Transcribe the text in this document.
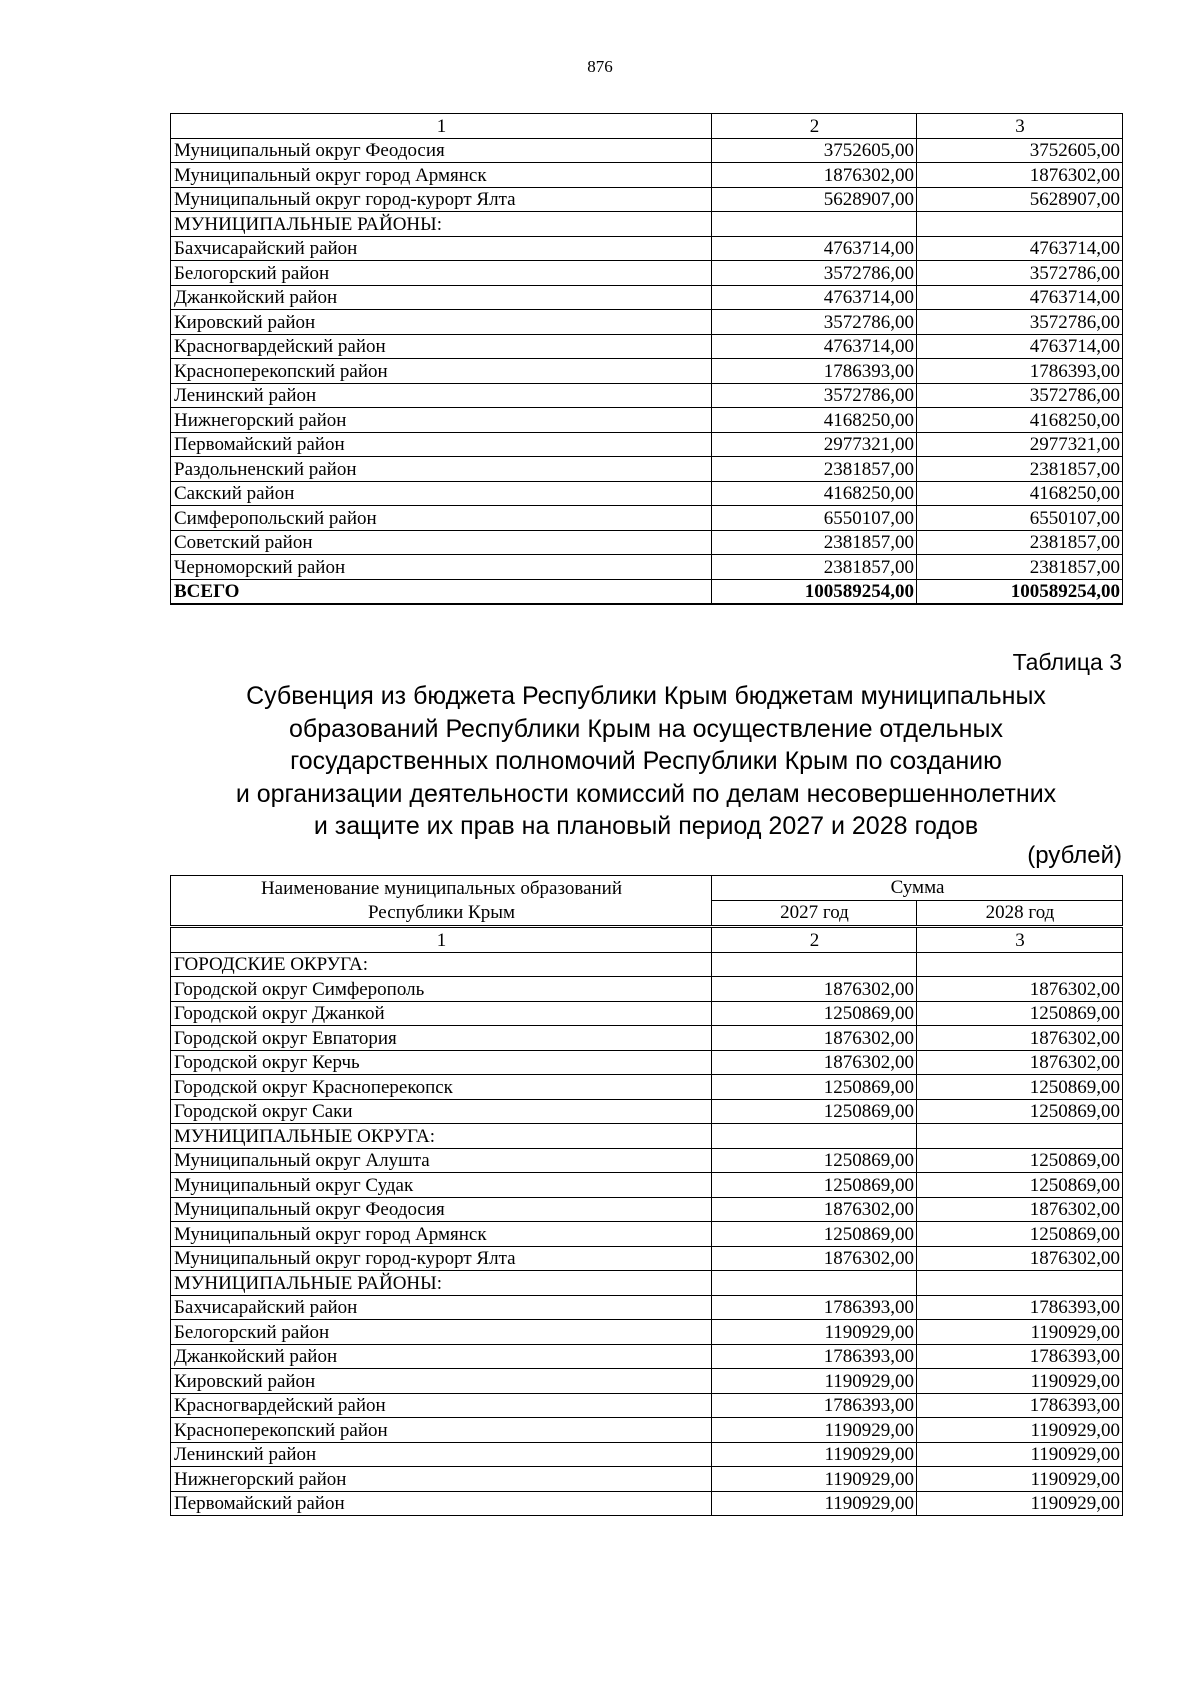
876
1	2	3
Муниципальный округ Феодосия	3752605,00	3752605,00
Муниципальный округ город Армянск	1876302,00	1876302,00
Муниципальный округ город-курорт Ялта	5628907,00	5628907,00
МУНИЦИПАЛЬНЫЕ РАЙОНЫ:		
Бахчисарайский район	4763714,00	4763714,00
Белогорский район	3572786,00	3572786,00
Джанкойский район	4763714,00	4763714,00
Кировский район	3572786,00	3572786,00
Красногвардейский район	4763714,00	4763714,00
Красноперекопский район	1786393,00	1786393,00
Ленинский район	3572786,00	3572786,00
Нижнегорский район	4168250,00	4168250,00
Первомайский район	2977321,00	2977321,00
Раздольненский район	2381857,00	2381857,00
Сакский район	4168250,00	4168250,00
Симферопольский район	6550107,00	6550107,00
Советский район	2381857,00	2381857,00
Черноморский район	2381857,00	2381857,00
ВСЕГО	100589254,00	100589254,00
Таблица 3
Субвенция из бюджета Республики Крым бюджетам муниципальных
образований Республики Крым на осуществление отдельных
государственных полномочий Республики Крым по созданию
и организации деятельности комиссий по делам несовершеннолетних
и защите их прав на плановый период 2027 и 2028 годов
(рублей)
Наименование муниципальных образований
Республики Крым	Сумма	
	2027 год	2028 год
1	2	3
ГОРОДСКИЕ ОКРУГА:		
Городской округ Симферополь	1876302,00	1876302,00
Городской округ Джанкой	1250869,00	1250869,00
Городской округ Евпатория	1876302,00	1876302,00
Городской округ Керчь	1876302,00	1876302,00
Городской округ Красноперекопск	1250869,00	1250869,00
Городской округ Саки	1250869,00	1250869,00
МУНИЦИПАЛЬНЫЕ ОКРУГА:		
Муниципальный округ Алушта	1250869,00	1250869,00
Муниципальный округ Судак	1250869,00	1250869,00
Муниципальный округ Феодосия	1876302,00	1876302,00
Муниципальный округ город Армянск	1250869,00	1250869,00
Муниципальный округ город-курорт Ялта	1876302,00	1876302,00
МУНИЦИПАЛЬНЫЕ РАЙОНЫ:		
Бахчисарайский район	1786393,00	1786393,00
Белогорский район	1190929,00	1190929,00
Джанкойский район	1786393,00	1786393,00
Кировский район	1190929,00	1190929,00
Красногвардейский район	1786393,00	1786393,00
Красноперекопский район	1190929,00	1190929,00
Ленинский район	1190929,00	1190929,00
Нижнегорский район	1190929,00	1190929,00
Первомайский район	1190929,00	1190929,00
